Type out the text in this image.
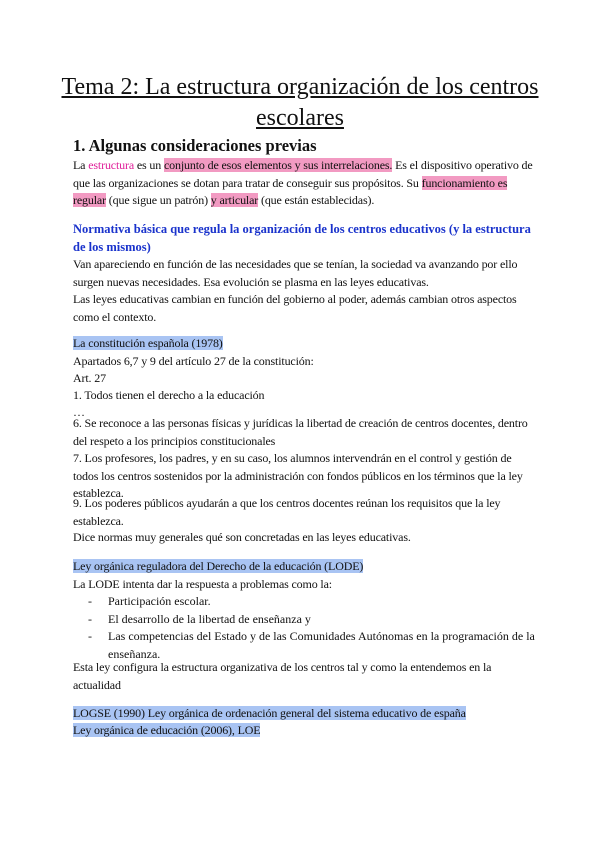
Tema 2: La estructura organización de los centros escolares
1. Algunas consideraciones previas

La estructura es un conjunto de esos elementos y sus interrelaciones. Es el dispositivo operativo de que las organizaciones se dotan para tratar de conseguir sus propósitos. Su funcionamiento es regular (que sigue un patrón) y articular (que están establecidas).

Normativa básica que regula la organización de los centros educativos (y la estructura de los mismos)

Van apareciendo en función de las necesidades que se tenían, la sociedad va avanzando por ello surgen nuevas necesidades. Esa evolución se plasma en las leyes educativas.

Las leyes educativas cambian en función del gobierno al poder, además cambian otros aspectos como el contexto.

La constitución española (1978)

Apartados 6,7 y 9 del artículo 27 de la constitución:

Art. 27

1. Todos tienen el derecho a la educación

…

6. Se reconoce a las personas físicas y jurídicas la libertad de creación de centros docentes, dentro del respeto a los principios constitucionales

7. Los profesores, los padres, y en su caso, los alumnos intervendrán en el control y gestión de todos los centros sostenidos por la administración con fondos públicos en los términos que la ley establezca.

9. Los poderes públicos ayudarán a que los centros docentes reúnan los requisitos que la ley establezca.

Dice normas muy generales qué son concretadas en las leyes educativas.

Ley orgánica reguladora del Derecho de la educación (LODE)

La LODE intenta dar la respuesta a problemas como la:

- Participación escolar.
- El desarrollo de la libertad de enseñanza y
- Las competencias del Estado y de las Comunidades Autónomas en la programación de la enseñanza.

Esta ley configura la estructura organizativa de los centros tal y como la entendemos en la actualidad

LOGSE (1990) Ley orgánica de ordenación general del sistema educativo de españa

Ley orgánica de educación (2006), LOE
